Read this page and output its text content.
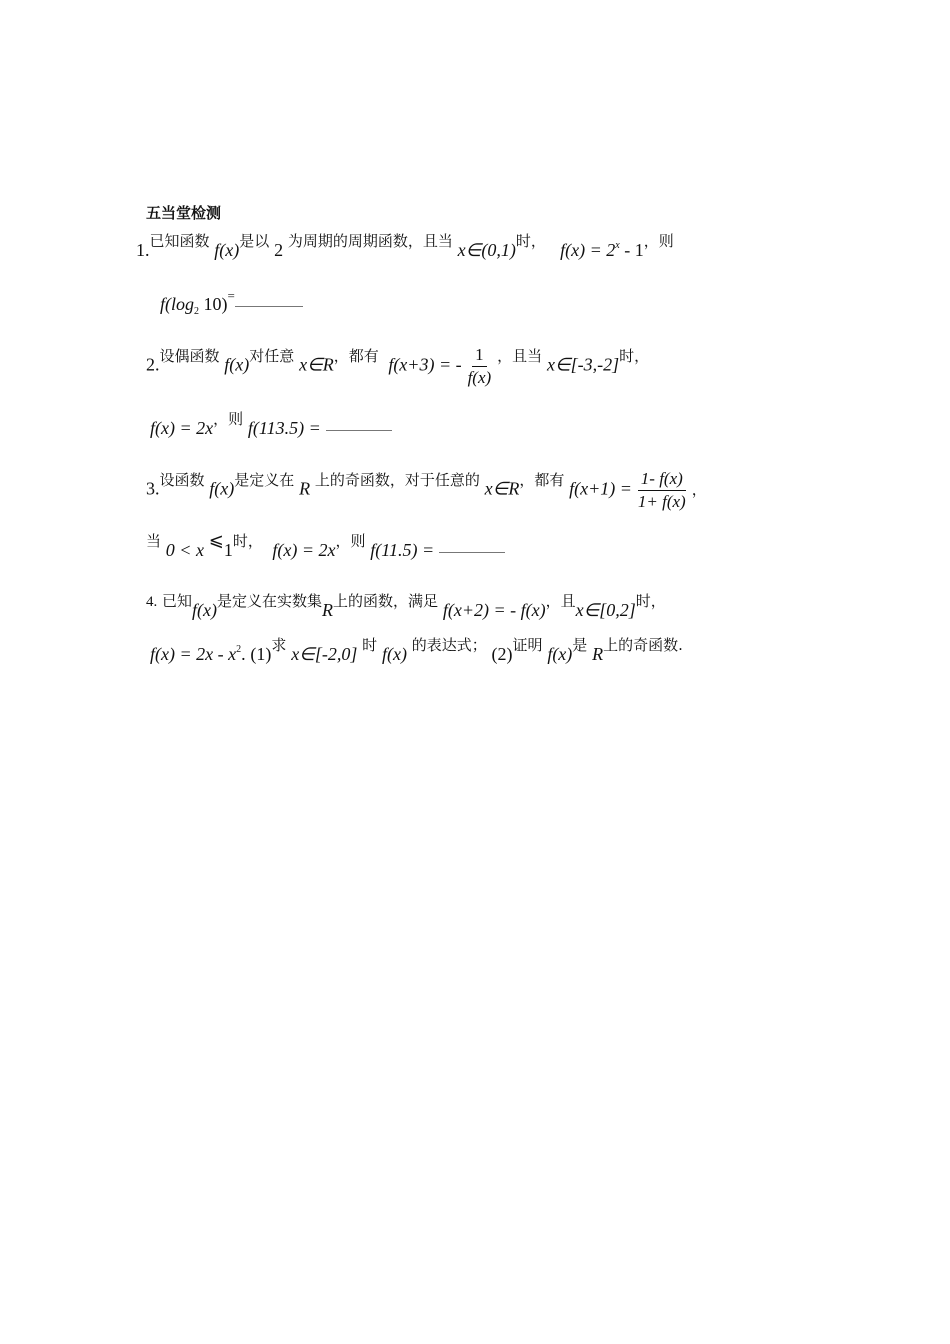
五当堂检测
1.已知函数 f(x)是以 2 为周期的周期函数，且当 x∈(0,1)时， $f(x) = 2^x - 1$，则
$f(\log_2$ 10)=
2.设偶函数 f(x)对任意 x∈R，都有 f(x+3) = - $\frac{1}{f(x)}$ ，且当 x∈[-3,-2]时，
f(x) = 2x，则 f(113.5) =
3.设函数 f(x)是定义在 R 上的奇函数，对于任意的 x∈R，都有 $f(x+1) = \frac{1- f(x)}{1+ f(x)}$ ，
当 0 < x ⩽1时， f(x) = 2x，则 f(11.5) =
4. 已知f(x)是定义在实数集R上的函数，满足 f(x+2) = - f(x)，且x∈[0,2]时，
$f(x) = 2x - x^2$. (1)求 x∈[-2,0] 时 f(x) 的表达式； (2)证明 f(x)是 R上的奇函数.
